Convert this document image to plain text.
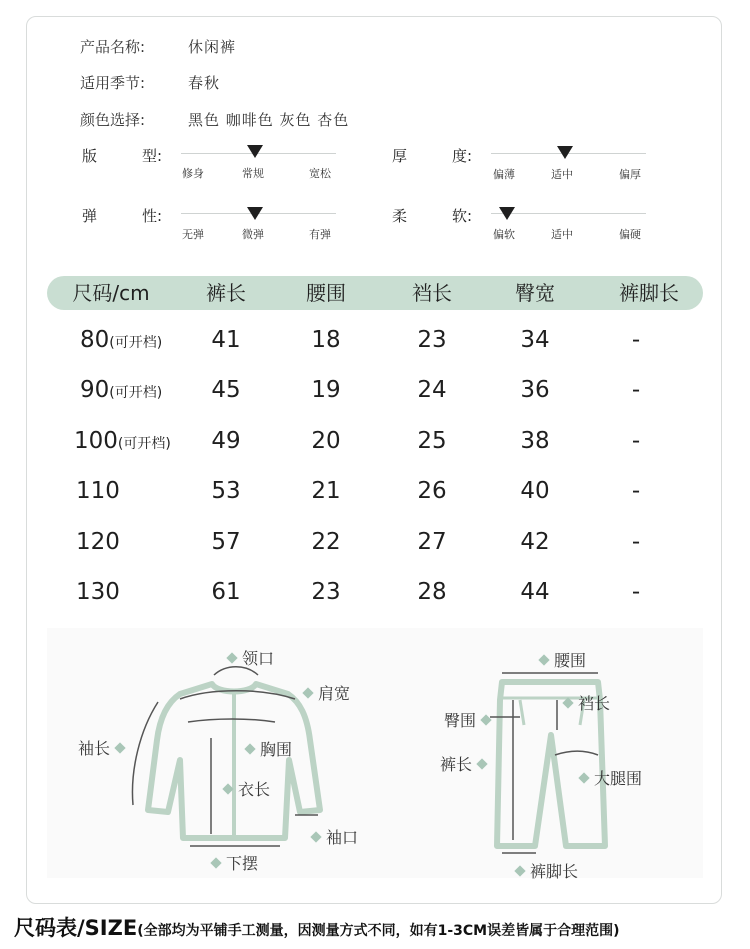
产品名称:	休闲裤
适用季节:	春秋
颜色选择:	黑色 咖啡色 灰色 杏色
版	型:
修身	常规	宽松
厚	度:
偏薄	适中	偏厚
弹	性:
无弹	微弹	有弹
柔	软:
偏软	适中	偏硬
尺码/cm	裤长	腰围	裆长	臀宽	裤脚长
80(可开档)	41	18	23	34	-
90(可开档)	45	19	24	36	-
100(可开档)	49	20	25	38	-
110	53	21	26	40	-
120	57	22	27	42	-
130	61	23	28	44	-
领口
肩宽
袖长	胸围
衣长
袖口
下摆
腰围
臀围
裆长
裤长
大腿围
裤脚长
尺码表/SIZE(全部均为平铺手工测量，因测量方式不同，如有1-3CM误差皆属于合理范围)
